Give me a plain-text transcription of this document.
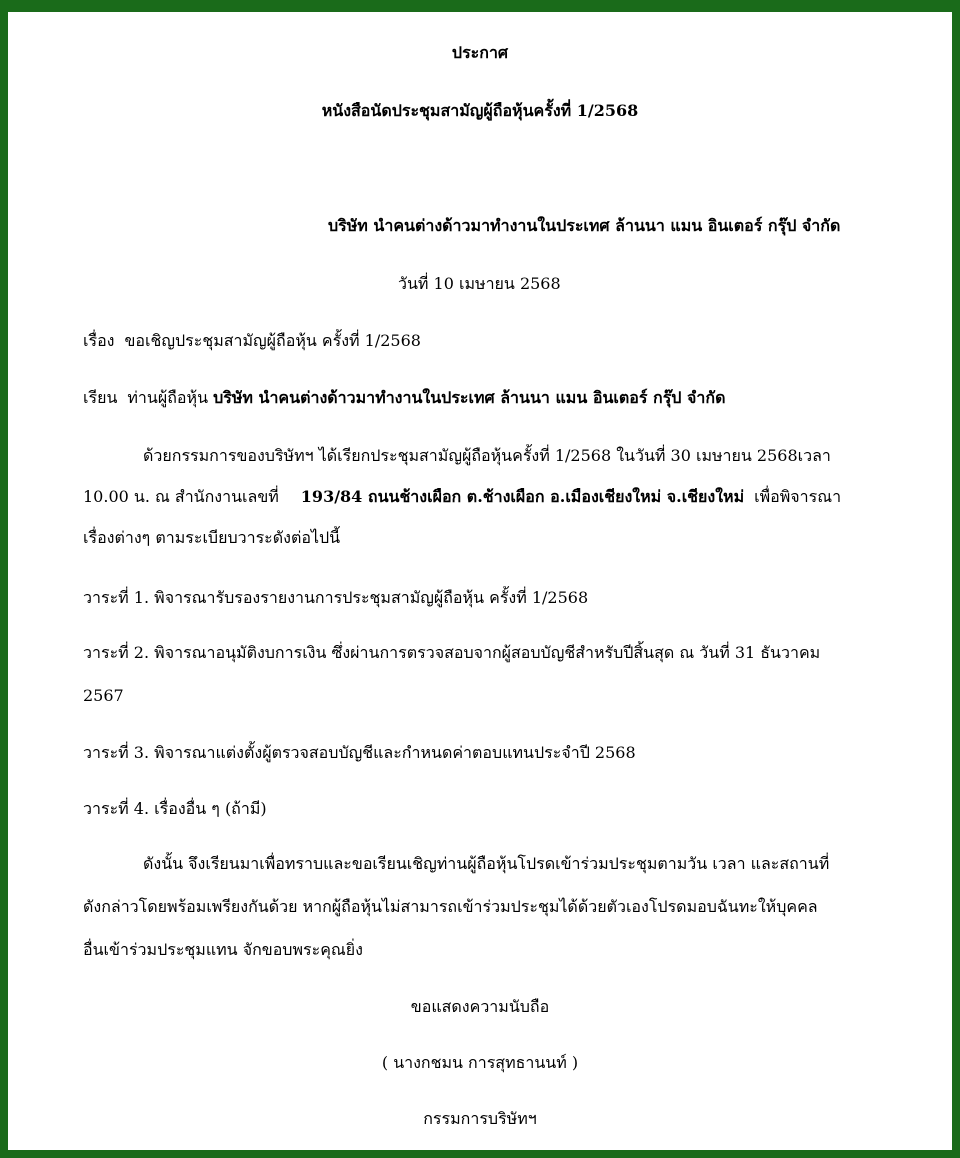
ประกาศ
หนังสือนัดประชุมสามัญผู้ถือหุ้นครั้งที่ 1/2568
บริษัท นำคนต่างด้าวมาทำงานในประเทศ ล้านนา แมน อินเตอร์ กรุ๊ป จำกัด
วันที่ 10 เมษายน 2568
เรื่อง ขอเชิญประชุมสามัญผู้ถือหุ้น ครั้งที่ 1/2568
เรียน ท่านผู้ถือหุ้น บริษัท นำคนต่างด้าวมาทำงานในประเทศ ล้านนา แมน อินเตอร์ กรุ๊ป จำกัด
ด้วยกรรมการของบริษัทฯ ได้เรียกประชุมสามัญผู้ถือหุ้นครั้งที่ 1/2568 ในวันที่ 30 เมษายน 2568เวลา
10.00 น. ณ สำนักงานเลขที่ 193/84 ถนนช้างเผือก ต.ช้างเผือก อ.เมืองเชียงใหม่ จ.เชียงใหม่ เพื่อพิจารณา
เรื่องต่างๆ ตามระเบียบวาระดังต่อไปนี้
วาระที่ 1. พิจารณารับรองรายงานการประชุมสามัญผู้ถือหุ้น ครั้งที่ 1/2568
วาระที่ 2. พิจารณาอนุมัติงบการเงิน ซึ่งผ่านการตรวจสอบจากผู้สอบบัญชีสำหรับปีสิ้นสุด ณ วันที่ 31 ธันวาคม
2567
วาระที่ 3. พิจารณาแต่งตั้งผู้ตรวจสอบบัญชีและกำหนดค่าตอบแทนประจำปี 2568
วาระที่ 4. เรื่องอื่น ๆ (ถ้ามี)
ดังนั้น จึงเรียนมาเพื่อทราบและขอเรียนเชิญท่านผู้ถือหุ้นโปรดเข้าร่วมประชุมตามวัน เวลา และสถานที่
ดังกล่าวโดยพร้อมเพรียงกันด้วย หากผู้ถือหุ้นไม่สามารถเข้าร่วมประชุมได้ด้วยตัวเองโปรดมอบฉันทะให้บุคคล
อื่นเข้าร่วมประชุมแทน จักขอบพระคุณยิ่ง
ขอแสดงความนับถือ
( นางกชมน การสุทธานนท์ )
กรรมการบริษัทฯ
